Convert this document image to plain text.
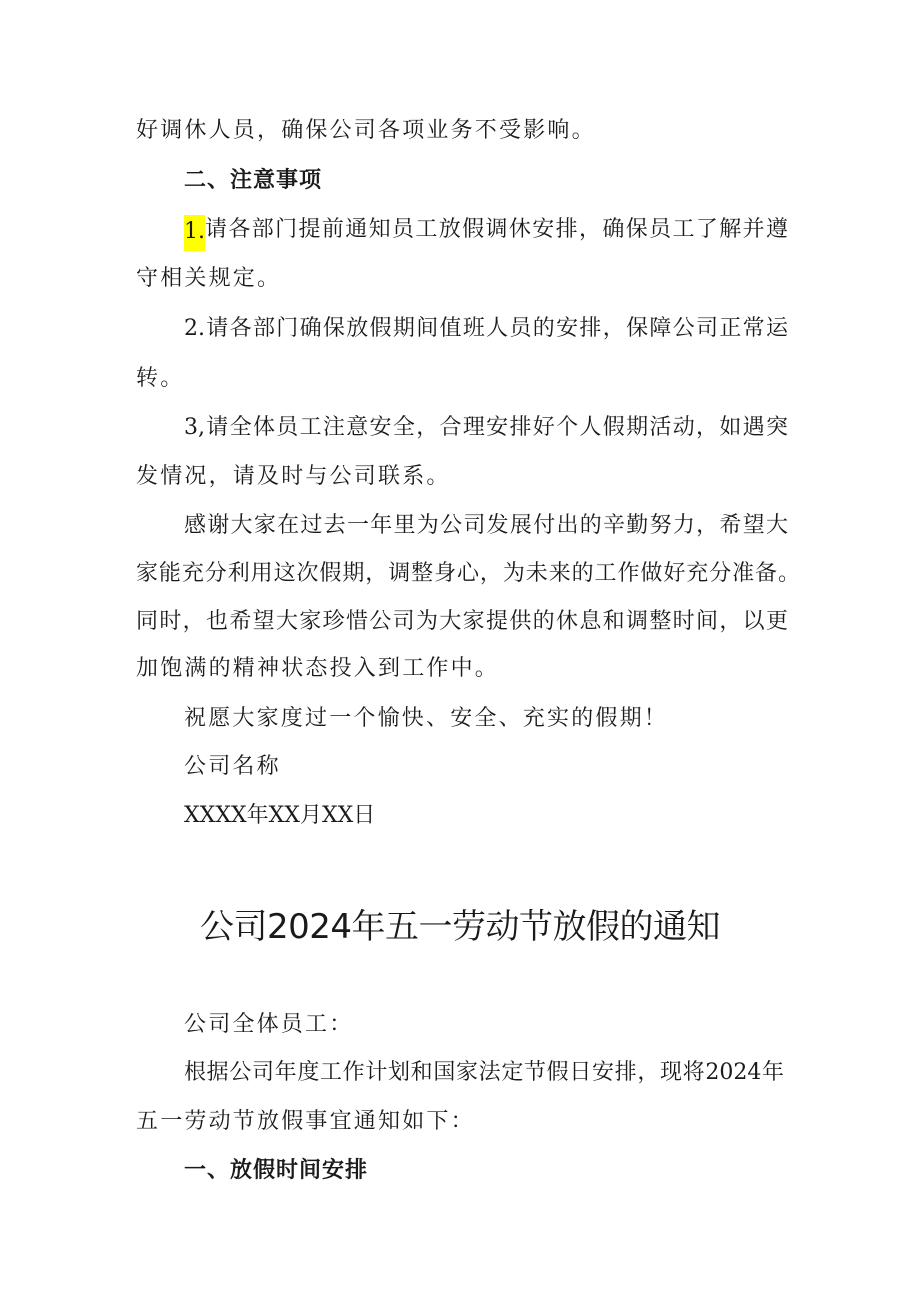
好调休人员，确保公司各项业务不受影响。
二、注意事项
1. 请各部门提前通知员工放假调休安排，确保员工了解并遵
守相关规定。
2.请各部门确保放假期间值班人员的安排，保障公司正常运
转。
3,请全体员工注意安全，合理安排好个人假期活动，如遇突
发情况，请及时与公司联系。
感谢大家在过去一年里为公司发展付出的辛勤努力，希望大
家能充分利用这次假期，调整身心，为未来的工作做好充分准备。
同时，也希望大家珍惜公司为大家提供的休息和调整时间，以更
加饱满的精神状态投入到工作中。
祝愿大家度过一个愉快、安全、充实的假期！
公司名称
XXXX年XX月XX日
公司2024年五一劳动节放假的通知
公司全体员工：
根据公司年度工作计划和国家法定节假日安排，现将2024年
五一劳动节放假事宜通知如下：
一、放假时间安排
